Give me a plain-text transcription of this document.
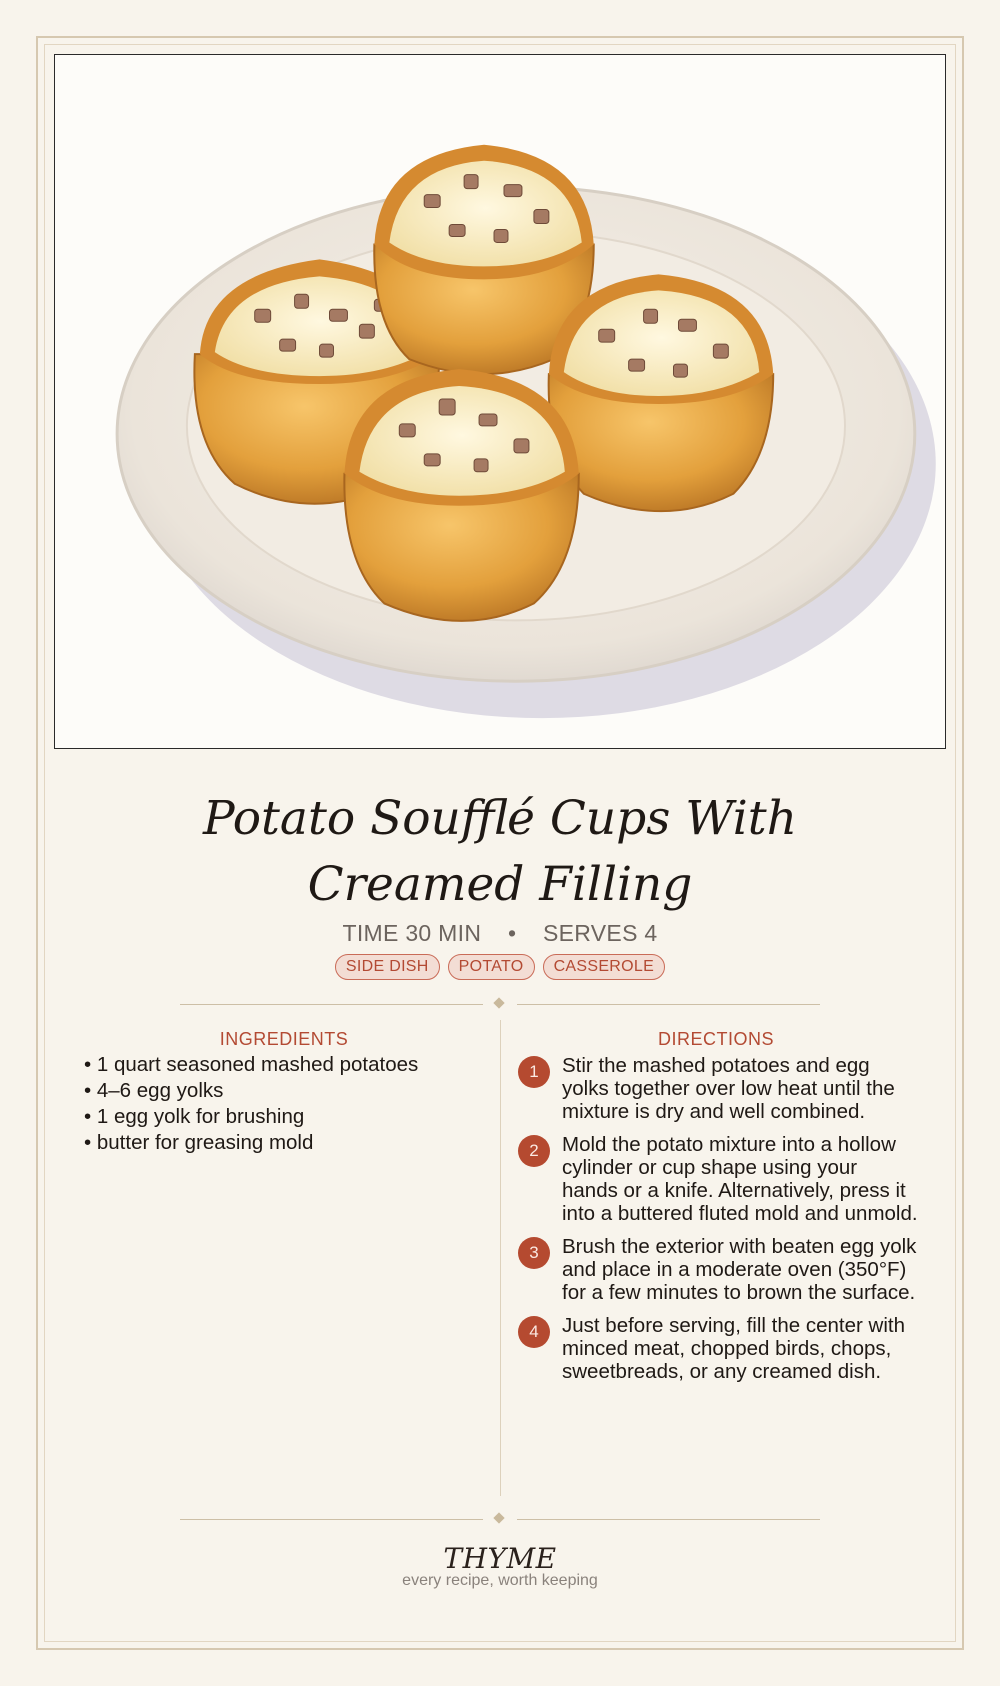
Potato Soufflé Cups With Creamed Filling
TIME 30 MIN • SERVES 4
SIDE DISH POTATO CASSEROLE
INGREDIENTS
• 1 quart seasoned mashed potatoes
• 4–6 egg yolks
• 1 egg yolk for brushing
• butter for greasing mold
DIRECTIONS
1	Stir the mashed potatoes and egg yolks together over low heat until the mixture is dry and well combined.
2	Mold the potato mixture into a hollow cylinder or cup shape using your hands or a knife. Alternatively, press it into a buttered fluted mold and unmold.
3	Brush the exterior with beaten egg yolk and place in a moderate oven (350°F) for a few minutes to brown the surface.
4	Just before serving, fill the center with minced meat, chopped birds, chops, sweetbreads, or any creamed dish.
THYME
every recipe, worth keeping
